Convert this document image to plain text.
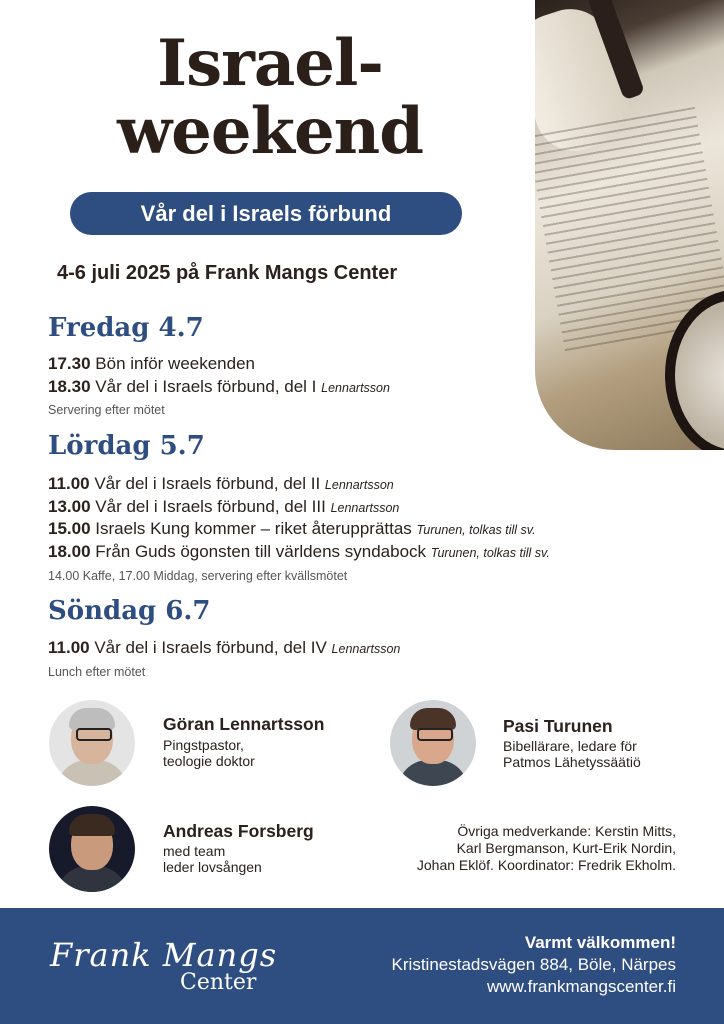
Israel-
weekend
Vår del i Israels förbund
4-6 juli 2025 på Frank Mangs Center
Fredag 4.7
17.30 Bön inför weekenden
18.30 Vår del i Israels förbund, del I Lennartsson
Servering efter mötet
Lördag 5.7
11.00 Vår del i Israels förbund, del II Lennartsson
13.00 Vår del i Israels förbund, del III Lennartsson
15.00 Israels Kung kommer – riket återupprättas Turunen, tolkas till sv.
18.00 Från Guds ögonsten till världens syndabock Turunen, tolkas till sv.
14.00 Kaffe, 17.00 Middag, servering efter kvällsmötet
Söndag 6.7
11.00 Vår del i Israels förbund, del IV Lennartsson
Lunch efter mötet
Göran Lennartsson
Pingstpastor,
teologie doktor
Pasi Turunen
Bibellärare, ledare för
Patmos Lähetyssäätiö
Andreas Forsberg
med team
leder lovsången
Övriga medverkande: Kerstin Mitts,
Karl Bergmanson, Kurt-Erik Nordin,
Johan Eklöf. Koordinator: Fredrik Ekholm.
Frank Mangs
Center
Varmt välkommen!
Kristinestadsvägen 884, Böle, Närpes
www.frankmangscenter.fi
